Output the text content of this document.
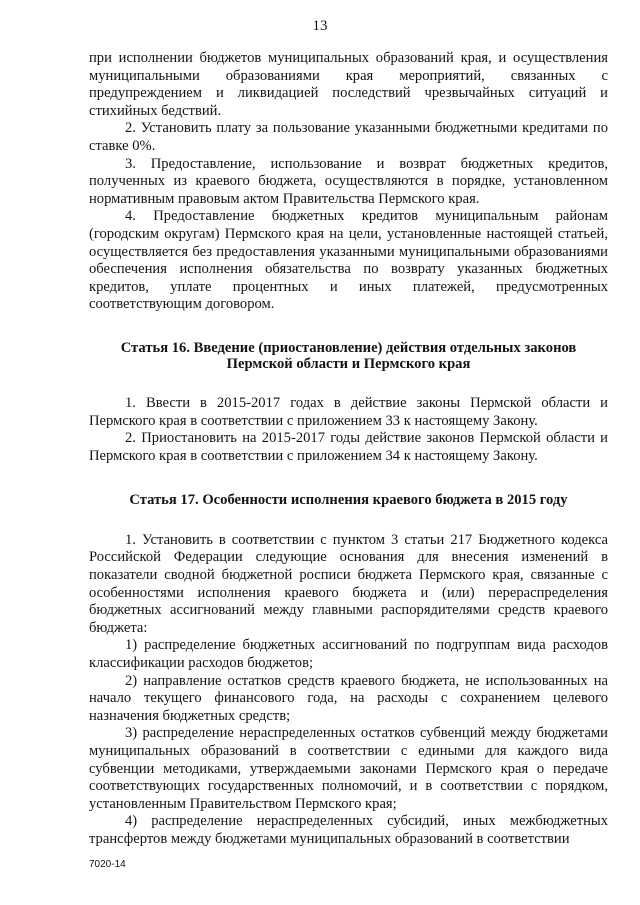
13

при исполнении бюджетов муниципальных образований края, и осуществления муниципальными образованиями края мероприятий, связанных с предупреждением и ликвидацией последствий чрезвычайных ситуаций и стихийных бедствий.

2. Установить плату за пользование указанными бюджетными кредитами по ставке 0%.

3. Предоставление, использование и возврат бюджетных кредитов, полученных из краевого бюджета, осуществляются в порядке, установленном нормативным правовым актом Правительства Пермского края.

4. Предоставление бюджетных кредитов муниципальным районам (городским округам) Пермского края на цели, установленные настоящей статьей, осуществляется без предоставления указанными муниципальными образованиями обеспечения исполнения обязательства по возврату указанных бюджетных кредитов, уплате процентных и иных платежей, предусмотренных соответствующим договором.

Статья 16. Введение (приостановление) действия отдельных законов
Пермской области и Пермского края

1. Ввести в 2015-2017 годах в действие законы Пермской области и Пермского края в соответствии с приложением 33 к настоящему Закону.

2. Приостановить на 2015-2017 годы действие законов Пермской области и Пермского края в соответствии с приложением 34 к настоящему Закону.

Статья 17. Особенности исполнения краевого бюджета в 2015 году

1. Установить в соответствии с пунктом 3 статьи 217 Бюджетного кодекса Российской Федерации следующие основания для внесения изменений в показатели сводной бюджетной росписи бюджета Пермского края, связанные с особенностями исполнения краевого бюджета и (или) перераспределения бюджетных ассигнований между главными распорядителями средств краевого бюджета:

1) распределение бюджетных ассигнований по подгруппам вида расходов классификации расходов бюджетов;

2) направление остатков средств краевого бюджета, не использованных на начало текущего финансового года, на расходы с сохранением целевого назначения бюджетных средств;

3) распределение нераспределенных остатков субвенций между бюджетами муниципальных образований в соответствии с едиными для каждого вида субвенции методиками, утверждаемыми законами Пермского края о передаче соответствующих государственных полномочий, и в соответствии с порядком, установленным Правительством Пермского края;

4) распределение нераспределенных субсидий, иных межбюджетных трансфертов между бюджетами муниципальных образований в соответствии

7020-14
